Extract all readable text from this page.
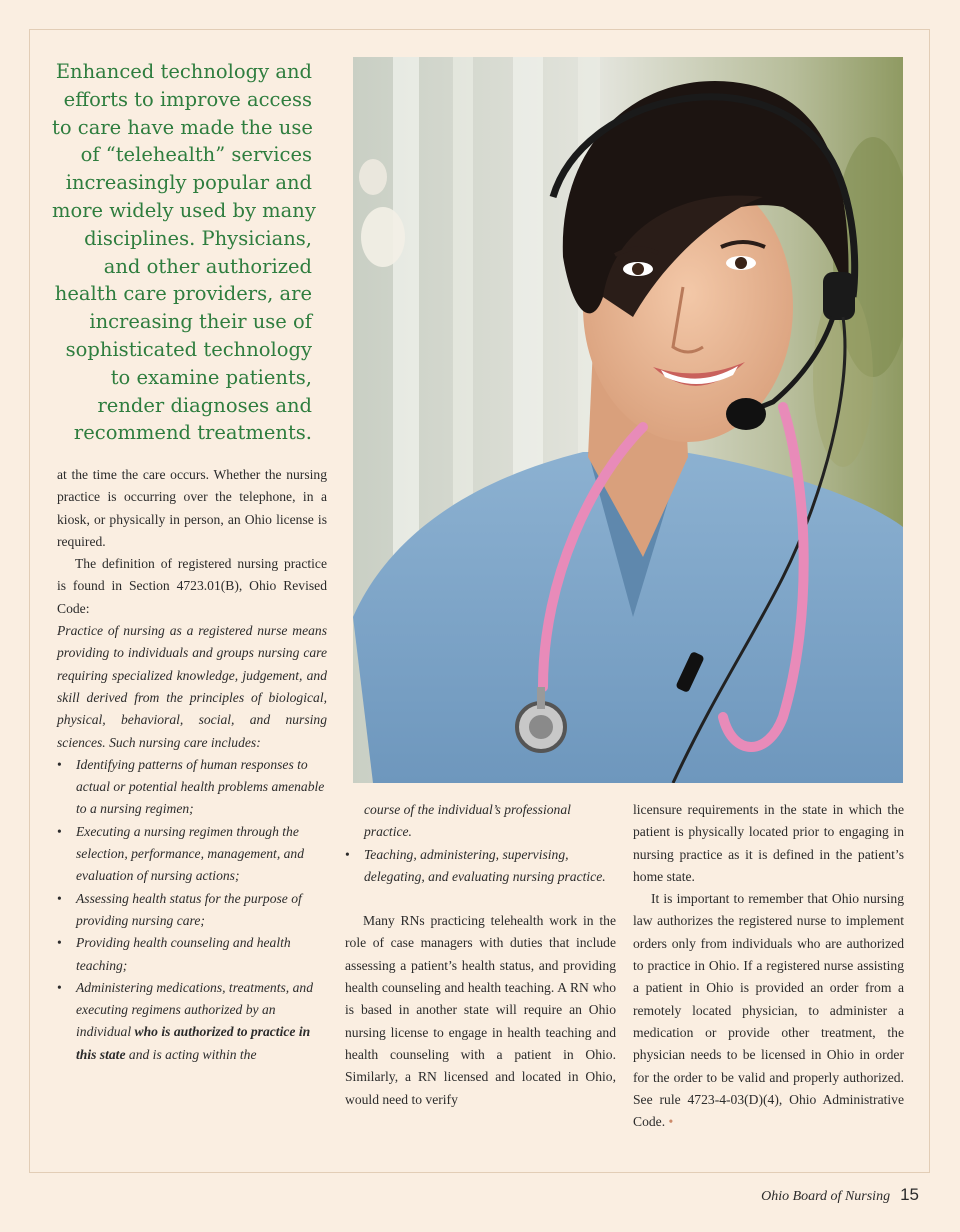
Enhanced technology and
efforts to improve access
to care have made the use
of “telehealth” services
increasingly popular and
more widely used by many
disciplines. Physicians,
and other authorized
health care providers, are
increasing their use of
sophisticated technology
to examine patients,
render diagnoses and
recommend treatments.

at the time the care occurs. Whether the nursing practice is occurring over the telephone, in a kiosk, or physically in person, an Ohio license is required.

The definition of registered nursing practice is found in Section 4723.01(B), Ohio Revised Code:

Practice of nursing as a registered nurse means providing to individuals and groups nursing care requiring specialized knowledge, judgement, and skill derived from the principles of biological, physical, behavioral, social, and nursing sciences. Such nursing care includes:

• Identifying patterns of human responses to actual or potential health problems amenable to a nursing regimen;
• Executing a nursing regimen through the selection, performance, management, and evaluation of nursing actions;
• Assessing health status for the purpose of providing nursing care;
• Providing health counseling and health teaching;
• Administering medications, treatments, and executing regimens authorized by an individual who is authorized to practice in this state and is acting within the

course of the individual’s professional practice.

• Teaching, administering, supervising, delegating, and evaluating nursing practice.

Many RNs practicing telehealth work in the role of case managers with duties that include assessing a patient’s health status, and providing health counseling and health teaching. A RN who is based in another state will require an Ohio nursing license to engage in health teaching and health counseling with a patient in Ohio. Similarly, a RN licensed and located in Ohio, would need to verify

licensure requirements in the state in which the patient is physically located prior to engaging in nursing practice as it is defined in the patient’s home state.

It is important to remember that Ohio nursing law authorizes the registered nurse to implement orders only from individuals who are authorized to practice in Ohio. If a registered nurse assisting a patient in Ohio is provided an order from a remotely located physician, to administer a medication or provide other treatment, the physician needs to be licensed in Ohio in order for the order to be valid and properly authorized. See rule 4723-4-03(D)(4), Ohio Administrative Code. •

Ohio Board of Nursing 15
